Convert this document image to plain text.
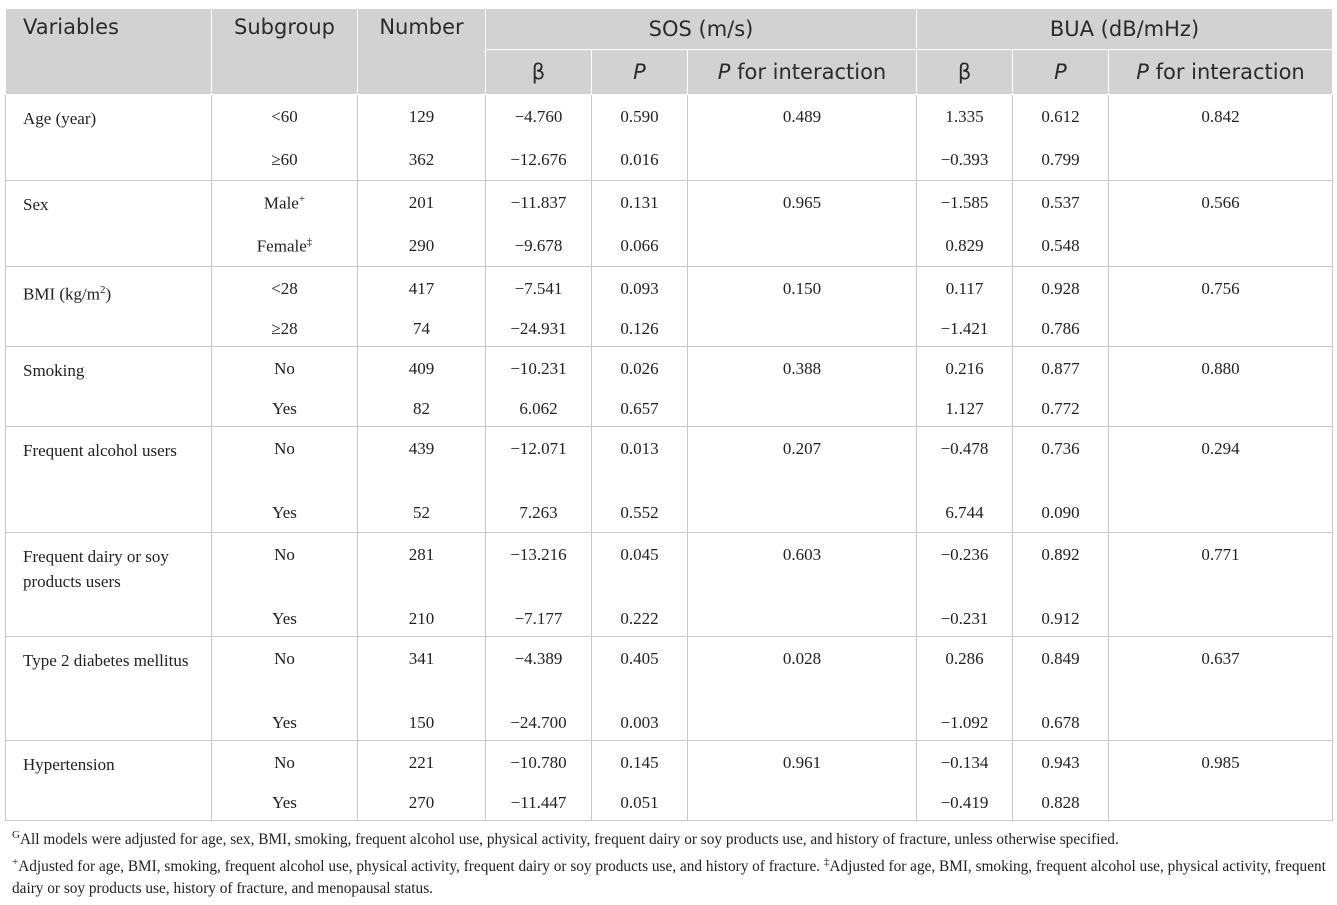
Variables	Subgroup	Number	SOS (m/s)			BUA (dB/mHz)		
			β	P	P for interaction	β	P	P for interaction
Age (year)	<60	129	−4.760	0.590	0.489	1.335	0.612	0.842
	≥60	362	−12.676	0.016		−0.393	0.799	
Sex	Male+	201	−11.837	0.131	0.965	−1.585	0.537	0.566
	Female‡	290	−9.678	0.066		0.829	0.548	
BMI $(kg/m^2)$	<28	417	−7.541	0.093	0.150	0.117	0.928	0.756
	≥28	74	−24.931	0.126		−1.421	0.786	
Smoking	No	409	−10.231	0.026	0.388	0.216	0.877	0.880
	Yes	82	6.062	0.657		1.127	0.772	
Frequent alcohol users	No	439	−12.071	0.013	0.207	−0.478	0.736	0.294
	Yes	52	7.263	0.552		6.744	0.090	
Frequent dairy or soy products users	No	281	−13.216	0.045	0.603	−0.236	0.892	0.771
	Yes	210	−7.177	0.222		−0.231	0.912	
Type 2 diabetes mellitus	No	341	−4.389	0.405	0.028	0.286	0.849	0.637
	Yes	150	−24.700	0.003		−1.092	0.678	
Hypertension	No	221	−10.780	0.145	0.961	−0.134	0.943	0.985
	Yes	270	−11.447	0.051		−0.419	0.828	

$^G$All models were adjusted for age, sex, BMI, smoking, frequent alcohol use, physical activity, frequent dairy or soy products use, and history of fracture, unless otherwise specified.

+Adjusted for age, BMI, smoking, frequent alcohol use, physical activity, frequent dairy or soy products use, and history of fracture. ‡Adjusted for age, BMI, smoking, frequent alcohol use, physical activity, frequent dairy or soy products use, history of fracture, and menopausal status.
